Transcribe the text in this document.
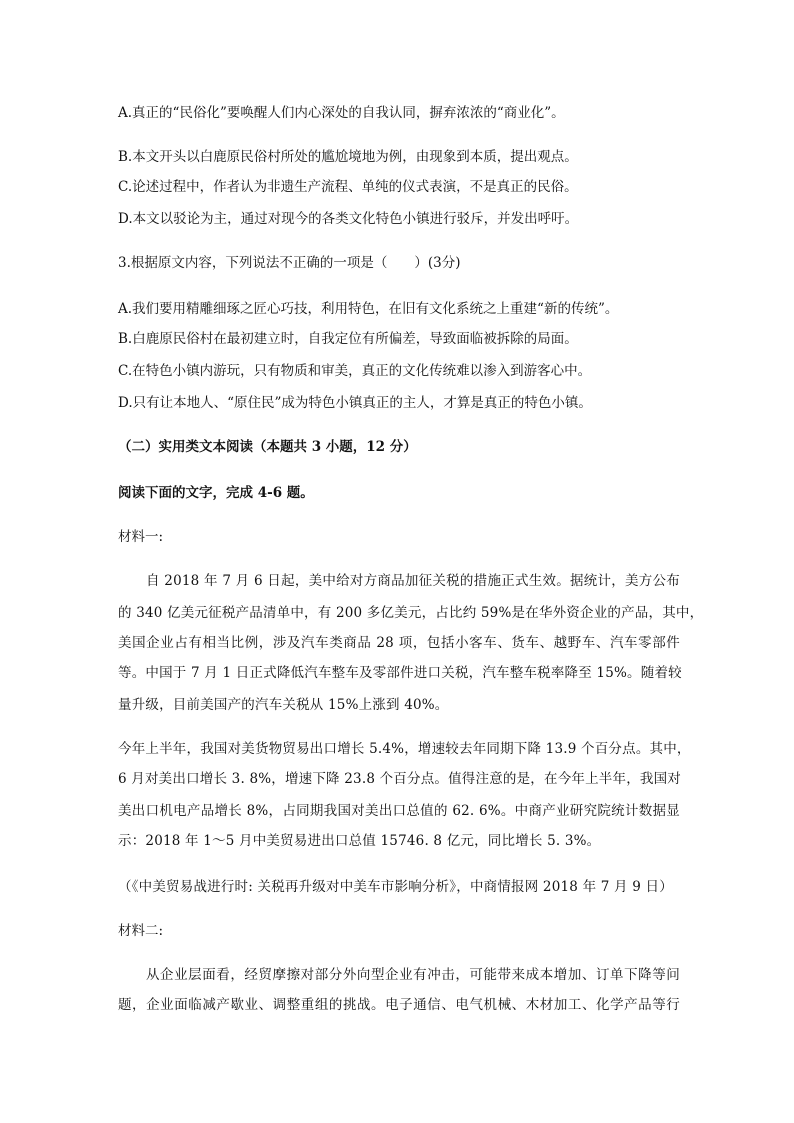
A.真正的“民俗化”要唤醒人们内心深处的自我认同，摒弃浓浓的“商业化”。

B.本文开头以白鹿原民俗村所处的尴尬境地为例，由现象到本质，提出观点。

C.论述过程中，作者认为非遗生产流程、单纯的仪式表演，不是真正的民俗。

D.本文以驳论为主，通过对现今的各类文化特色小镇进行驳斥，并发出呼吁。

3.根据原文内容，下列说法不正确的一项是（　　）(3分)

A.我们要用精雕细琢之匠心巧技，利用特色，在旧有文化系统之上重建“新的传统”。

B.白鹿原民俗村在最初建立时，自我定位有所偏差，导致面临被拆除的局面。

C.在特色小镇内游玩，只有物质和审美，真正的文化传统难以渗入到游客心中。

D.只有让本地人、“原住民”成为特色小镇真正的主人，才算是真正的特色小镇。

（二）实用类文本阅读（本题共 3 小题，12 分）

阅读下面的文字，完成 4-6 题。

材料一:

自 2018 年 7 月 6 日起，美中给对方商品加征关税的措施正式生效。据统计，美方公布

的 340 亿美元征税产品清单中，有 200 多亿美元，占比约 59%是在华外资企业的产品，其中，

美国企业占有相当比例，涉及汽车类商品 28 项，包括小客车、货车、越野车、汽车零部件

等。中国于 7 月 1 日正式降低汽车整车及零部件进口关税，汽车整车税率降至 15%。随着较

量升级，目前美国产的汽车关税从 15%上涨到 40%。

今年上半年，我国对美货物贸易出口增长 5.4%，增速较去年同期下降 13.9 个百分点。其中，

6 月对美出口增长 3. 8%，增速下降 23.8 个百分点。值得注意的是，在今年上半年，我国对

美出口机电产品增长 8%，占同期我国对美出口总值的 62. 6%。中商产业研究院统计数据显

示：2018 年 1～5 月中美贸易进出口总值 15746. 8 亿元，同比增长 5. 3%。

（《中美贸易战进行时: 关税再升级对中美车市影响分析》，中商情报网 2018 年 7 月 9 日）

材料二:

从企业层面看，经贸摩擦对部分外向型企业有冲击，可能带来成本增加、订单下降等问

题，企业面临减产歇业、调整重组的挑战。电子通信、电气机械、木材加工、化学产品等行
